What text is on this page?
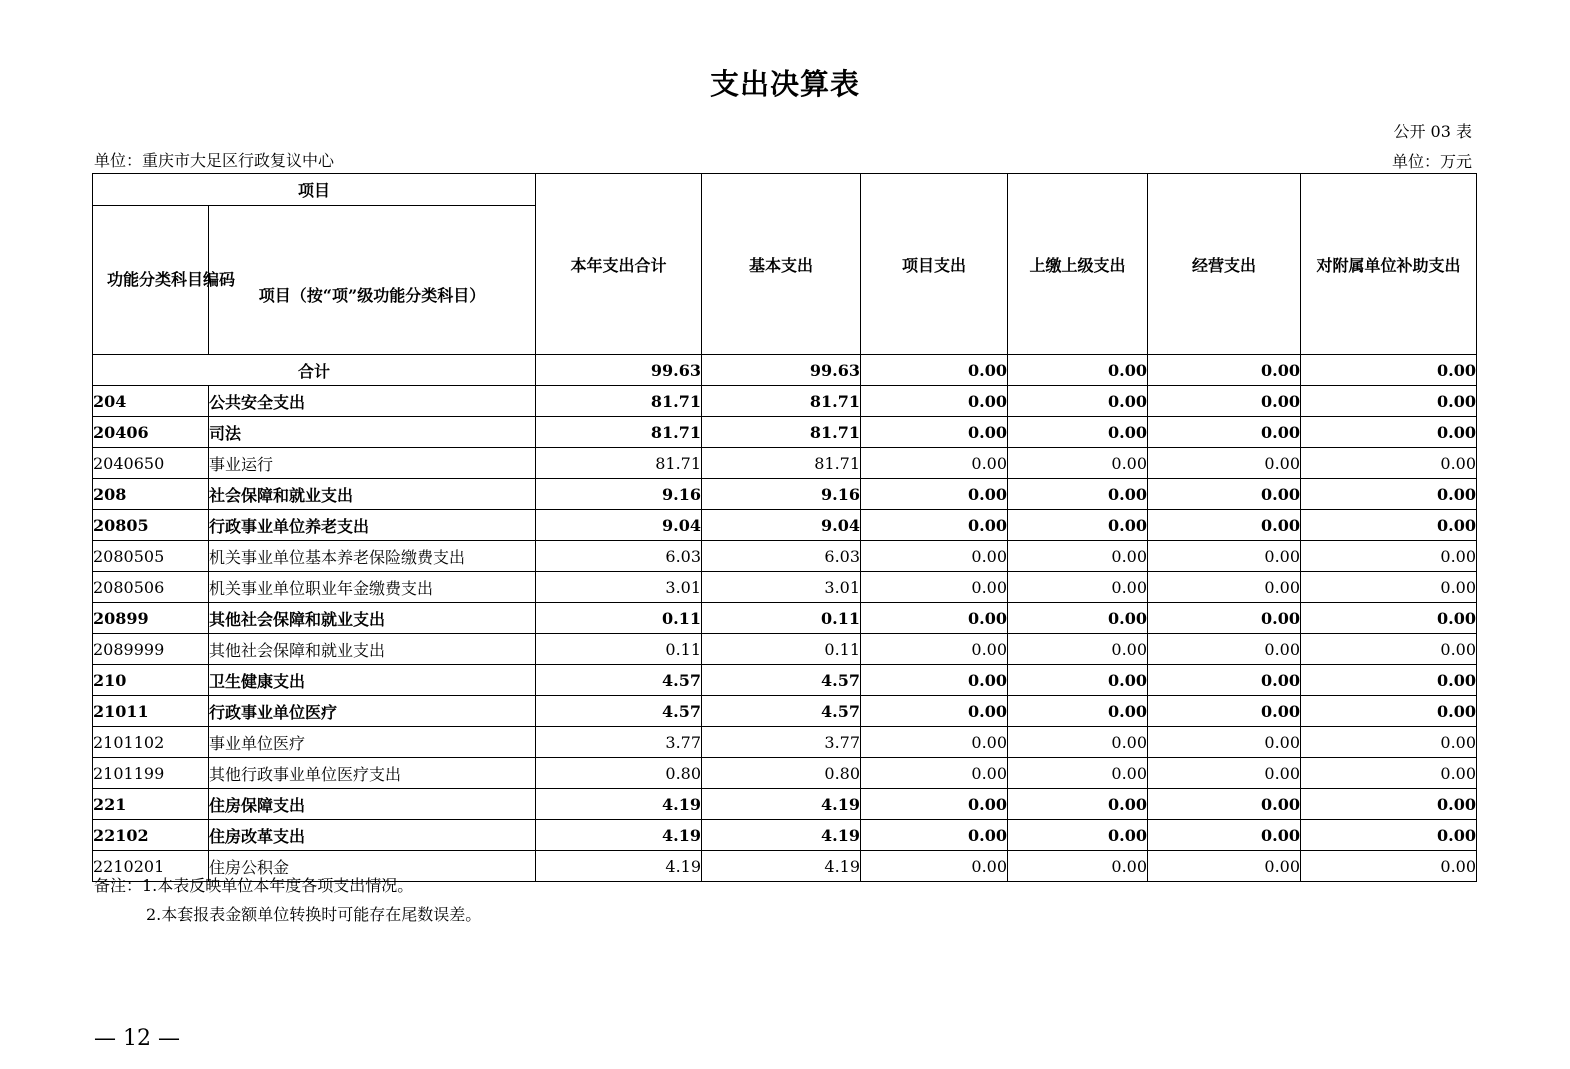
支出决算表
公开 03 表
单位：重庆市大足区行政复议中心	单位：万元
项目		本年支出合计	基本支出	项目支出	上缴上级支出	经营支出	对附属单位补助支出
功能分类科目编码	项目（按“项”级功能分类科目）						
合计		99.63	99.63	0.00	0.00	0.00	0.00
204	公共安全支出	81.71	81.71	0.00	0.00	0.00	0.00
20406	司法	81.71	81.71	0.00	0.00	0.00	0.00
2040650	事业运行	81.71	81.71	0.00	0.00	0.00	0.00
208	社会保障和就业支出	9.16	9.16	0.00	0.00	0.00	0.00
20805	行政事业单位养老支出	9.04	9.04	0.00	0.00	0.00	0.00
2080505	机关事业单位基本养老保险缴费支出	6.03	6.03	0.00	0.00	0.00	0.00
2080506	机关事业单位职业年金缴费支出	3.01	3.01	0.00	0.00	0.00	0.00
20899	其他社会保障和就业支出	0.11	0.11	0.00	0.00	0.00	0.00
2089999	其他社会保障和就业支出	0.11	0.11	0.00	0.00	0.00	0.00
210	卫生健康支出	4.57	4.57	0.00	0.00	0.00	0.00
21011	行政事业单位医疗	4.57	4.57	0.00	0.00	0.00	0.00
2101102	事业单位医疗	3.77	3.77	0.00	0.00	0.00	0.00
2101199	其他行政事业单位医疗支出	0.80	0.80	0.00	0.00	0.00	0.00
221	住房保障支出	4.19	4.19	0.00	0.00	0.00	0.00
22102	住房改革支出	4.19	4.19	0.00	0.00	0.00	0.00
2210201	住房公积金	4.19	4.19	0.00	0.00	0.00	0.00
备注：1.本表反映单位本年度各项支出情况。
2.本套报表金额单位转换时可能存在尾数误差。
— 12 —
